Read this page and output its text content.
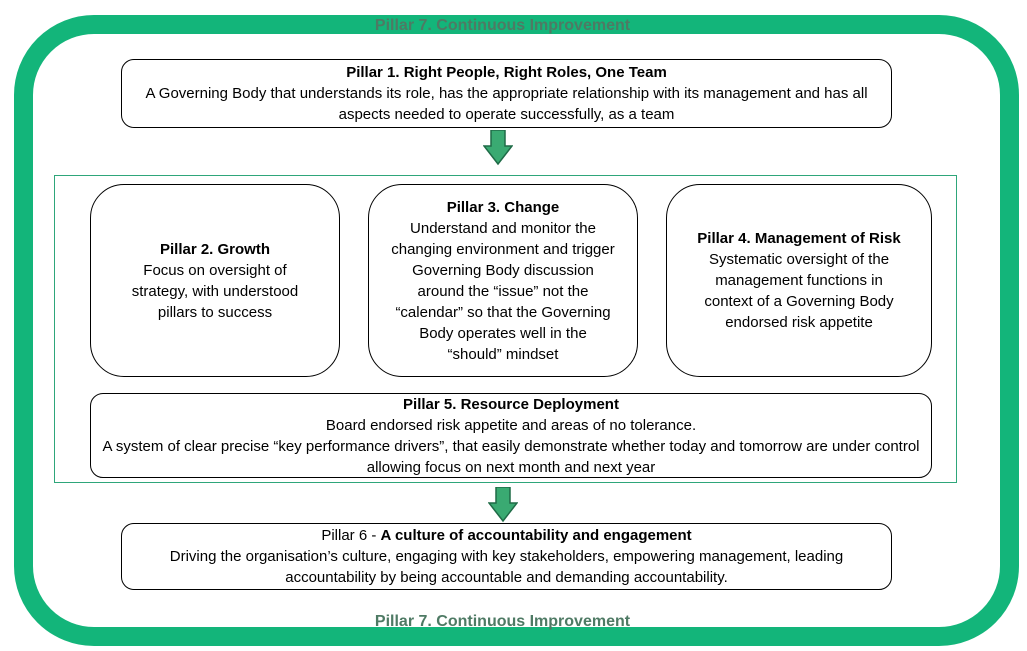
Pillar 7. Continuous Improvement
Pillar 7. Continuous Improvement
Pillar 1. Right People, Right Roles, One Team
A Governing Body that understands its role, has the appropriate relationship with its management and has all aspects needed to operate successfully, as a team
Pillar 2. Growth
Focus on oversight of strategy, with understood pillars to success
Pillar 3. Change
Understand and monitor the changing environment and trigger Governing Body discussion around the “issue” not the “calendar” so that the Governing Body operates well in the “should” mindset
Pillar 4. Management of Risk
Systematic oversight of the management functions in context of a Governing Body endorsed risk appetite
Pillar 5. Resource Deployment
Board endorsed risk appetite and areas of no tolerance.
A system of clear precise “key performance drivers”, that easily demonstrate whether today and tomorrow are under control allowing focus on next month and next year
Pillar 6 - A culture of accountability and engagement
Driving the organisation’s culture, engaging with key stakeholders, empowering management, leading accountability by being accountable and demanding accountability.
